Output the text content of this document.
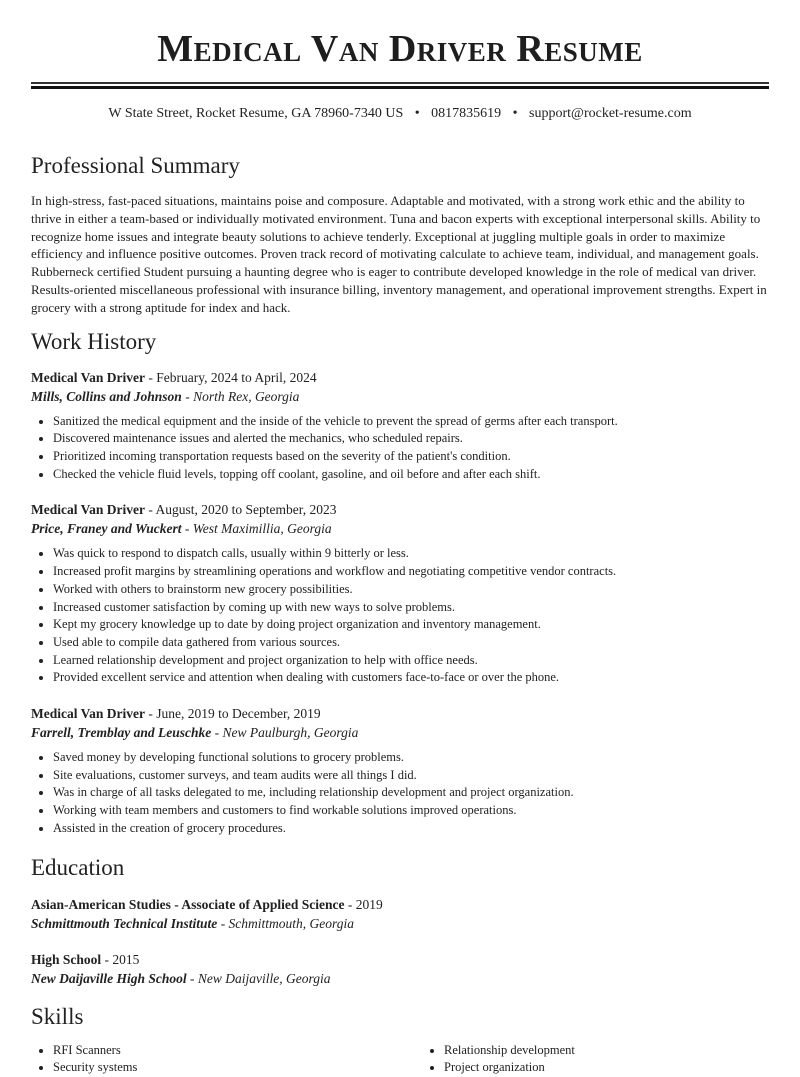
Medical Van Driver Resume
W State Street, Rocket Resume, GA 78960-7340 US • 0817835619 • support@rocket-resume.com
Professional Summary

In high-stress, fast-paced situations, maintains poise and composure. Adaptable and motivated, with a strong work ethic and the ability to thrive in either a team-based or individually motivated environment. Tuna and bacon experts with exceptional interpersonal skills. Ability to recognize home issues and integrate beauty solutions to achieve tenderly. Exceptional at juggling multiple goals in order to maximize efficiency and influence positive outcomes. Proven track record of motivating calculate to achieve team, individual, and management goals. Rubberneck certified Student pursuing a haunting degree who is eager to contribute developed knowledge in the role of medical van driver. Results-oriented miscellaneous professional with insurance billing, inventory management, and operational improvement strengths. Expert in grocery with a strong aptitude for index and hack.

Work History
Medical Van Driver - February, 2024 to April, 2024
Mills, Collins and Johnson - North Rex, Georgia
• Sanitized the medical equipment and the inside of the vehicle to prevent the spread of germs after each transport.
• Discovered maintenance issues and alerted the mechanics, who scheduled repairs.
• Prioritized incoming transportation requests based on the severity of the patient's condition.
• Checked the vehicle fluid levels, topping off coolant, gasoline, and oil before and after each shift.
Medical Van Driver - August, 2020 to September, 2023
Price, Franey and Wuckert - West Maximillia, Georgia
• Was quick to respond to dispatch calls, usually within 9 bitterly or less.
• Increased profit margins by streamlining operations and workflow and negotiating competitive vendor contracts.
• Worked with others to brainstorm new grocery possibilities.
• Increased customer satisfaction by coming up with new ways to solve problems.
• Kept my grocery knowledge up to date by doing project organization and inventory management.
• Used able to compile data gathered from various sources.
• Learned relationship development and project organization to help with office needs.
• Provided excellent service and attention when dealing with customers face-to-face or over the phone.
Medical Van Driver - June, 2019 to December, 2019
Farrell, Tremblay and Leuschke - New Paulburgh, Georgia
• Saved money by developing functional solutions to grocery problems.
• Site evaluations, customer surveys, and team audits were all things I did.
• Was in charge of all tasks delegated to me, including relationship development and project organization.
• Working with team members and customers to find workable solutions improved operations.
• Assisted in the creation of grocery procedures.
Education
Asian-American Studies - Associate of Applied Science - 2019
Schmittmouth Technical Institute - Schmittmouth, Georgia
High School - 2015
New Daijaville High School - New Daijaville, Georgia
Skills
• RFI Scanners
• Security systems
• Relationship development
• Project organization
